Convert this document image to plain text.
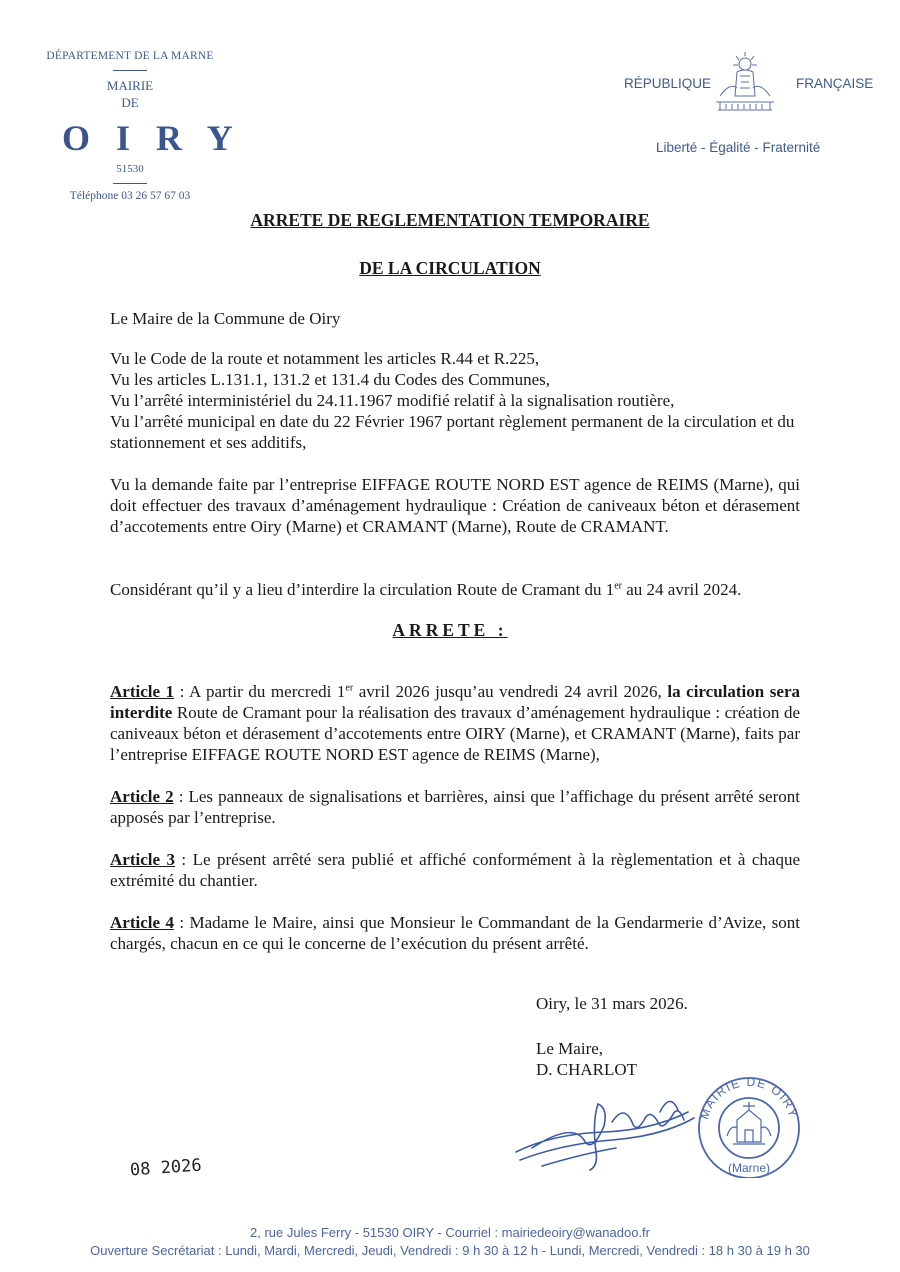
DÉPARTEMENT DE LA MARNE
MAIRIE
DE
OIRY
51530
Téléphone 03 26 57 67 03
RÉPUBLIQUE	FRANÇAISE
Liberté - Égalité - Fraternité
ARRETE DE REGLEMENTATION TEMPORAIRE
DE LA CIRCULATION

Le Maire de la Commune de Oiry

Vu le Code de la route et notamment les articles R.44 et R.225,

Vu les articles L.131.1, 131.2 et 131.4 du Codes des Communes,

Vu l’arrêté interministériel du 24.11.1967 modifié relatif à la signalisation routière,

Vu l’arrêté municipal en date du 22 Février 1967 portant règlement permanent de la circulation et du stationnement et ses additifs,

Vu la demande faite par l’entreprise EIFFAGE ROUTE NORD EST agence de REIMS (Marne), qui doit effectuer des travaux d’aménagement hydraulique : Création de caniveaux béton et dérasement d’accotements entre Oiry (Marne) et CRAMANT (Marne), Route de CRAMANT.

Considérant qu’il y a lieu d’interdire la circulation Route de Cramant du 1er au 24 avril 2024.

ARRETE :

Article 1 : A partir du mercredi 1er avril 2026 jusqu’au vendredi 24 avril 2026, la circulation sera interdite Route de Cramant pour la réalisation des travaux d’aménagement hydraulique : création de caniveaux béton et dérasement d’accotements entre OIRY (Marne), et CRAMANT (Marne), faits par l’entreprise EIFFAGE ROUTE NORD EST agence de REIMS (Marne),

Article 2 : Les panneaux de signalisations et barrières, ainsi que l’affichage du présent arrêté seront apposés par l’entreprise.

Article 3 : Le présent arrêté sera publié et affiché conformément à la règlementation et à chaque extrémité du chantier.

Article 4 : Madame le Maire, ainsi que Monsieur le Commandant de la Gendarmerie d’Avize, sont chargés, chacun en ce qui le concerne de l’exécution du présent arrêté.

Oiry, le 31 mars 2026.
Le Maire,
D. CHARLOT
MAIRIE DE OIRY
(Marne)
08 2026
2, rue Jules Ferry - 51530 OIRY - Courriel : mairiedeoiry@wanadoo.fr
Ouverture Secrétariat : Lundi, Mardi, Mercredi, Jeudi, Vendredi : 9 h 30 à 12 h - Lundi, Mercredi, Vendredi : 18 h 30 à 19 h 30
